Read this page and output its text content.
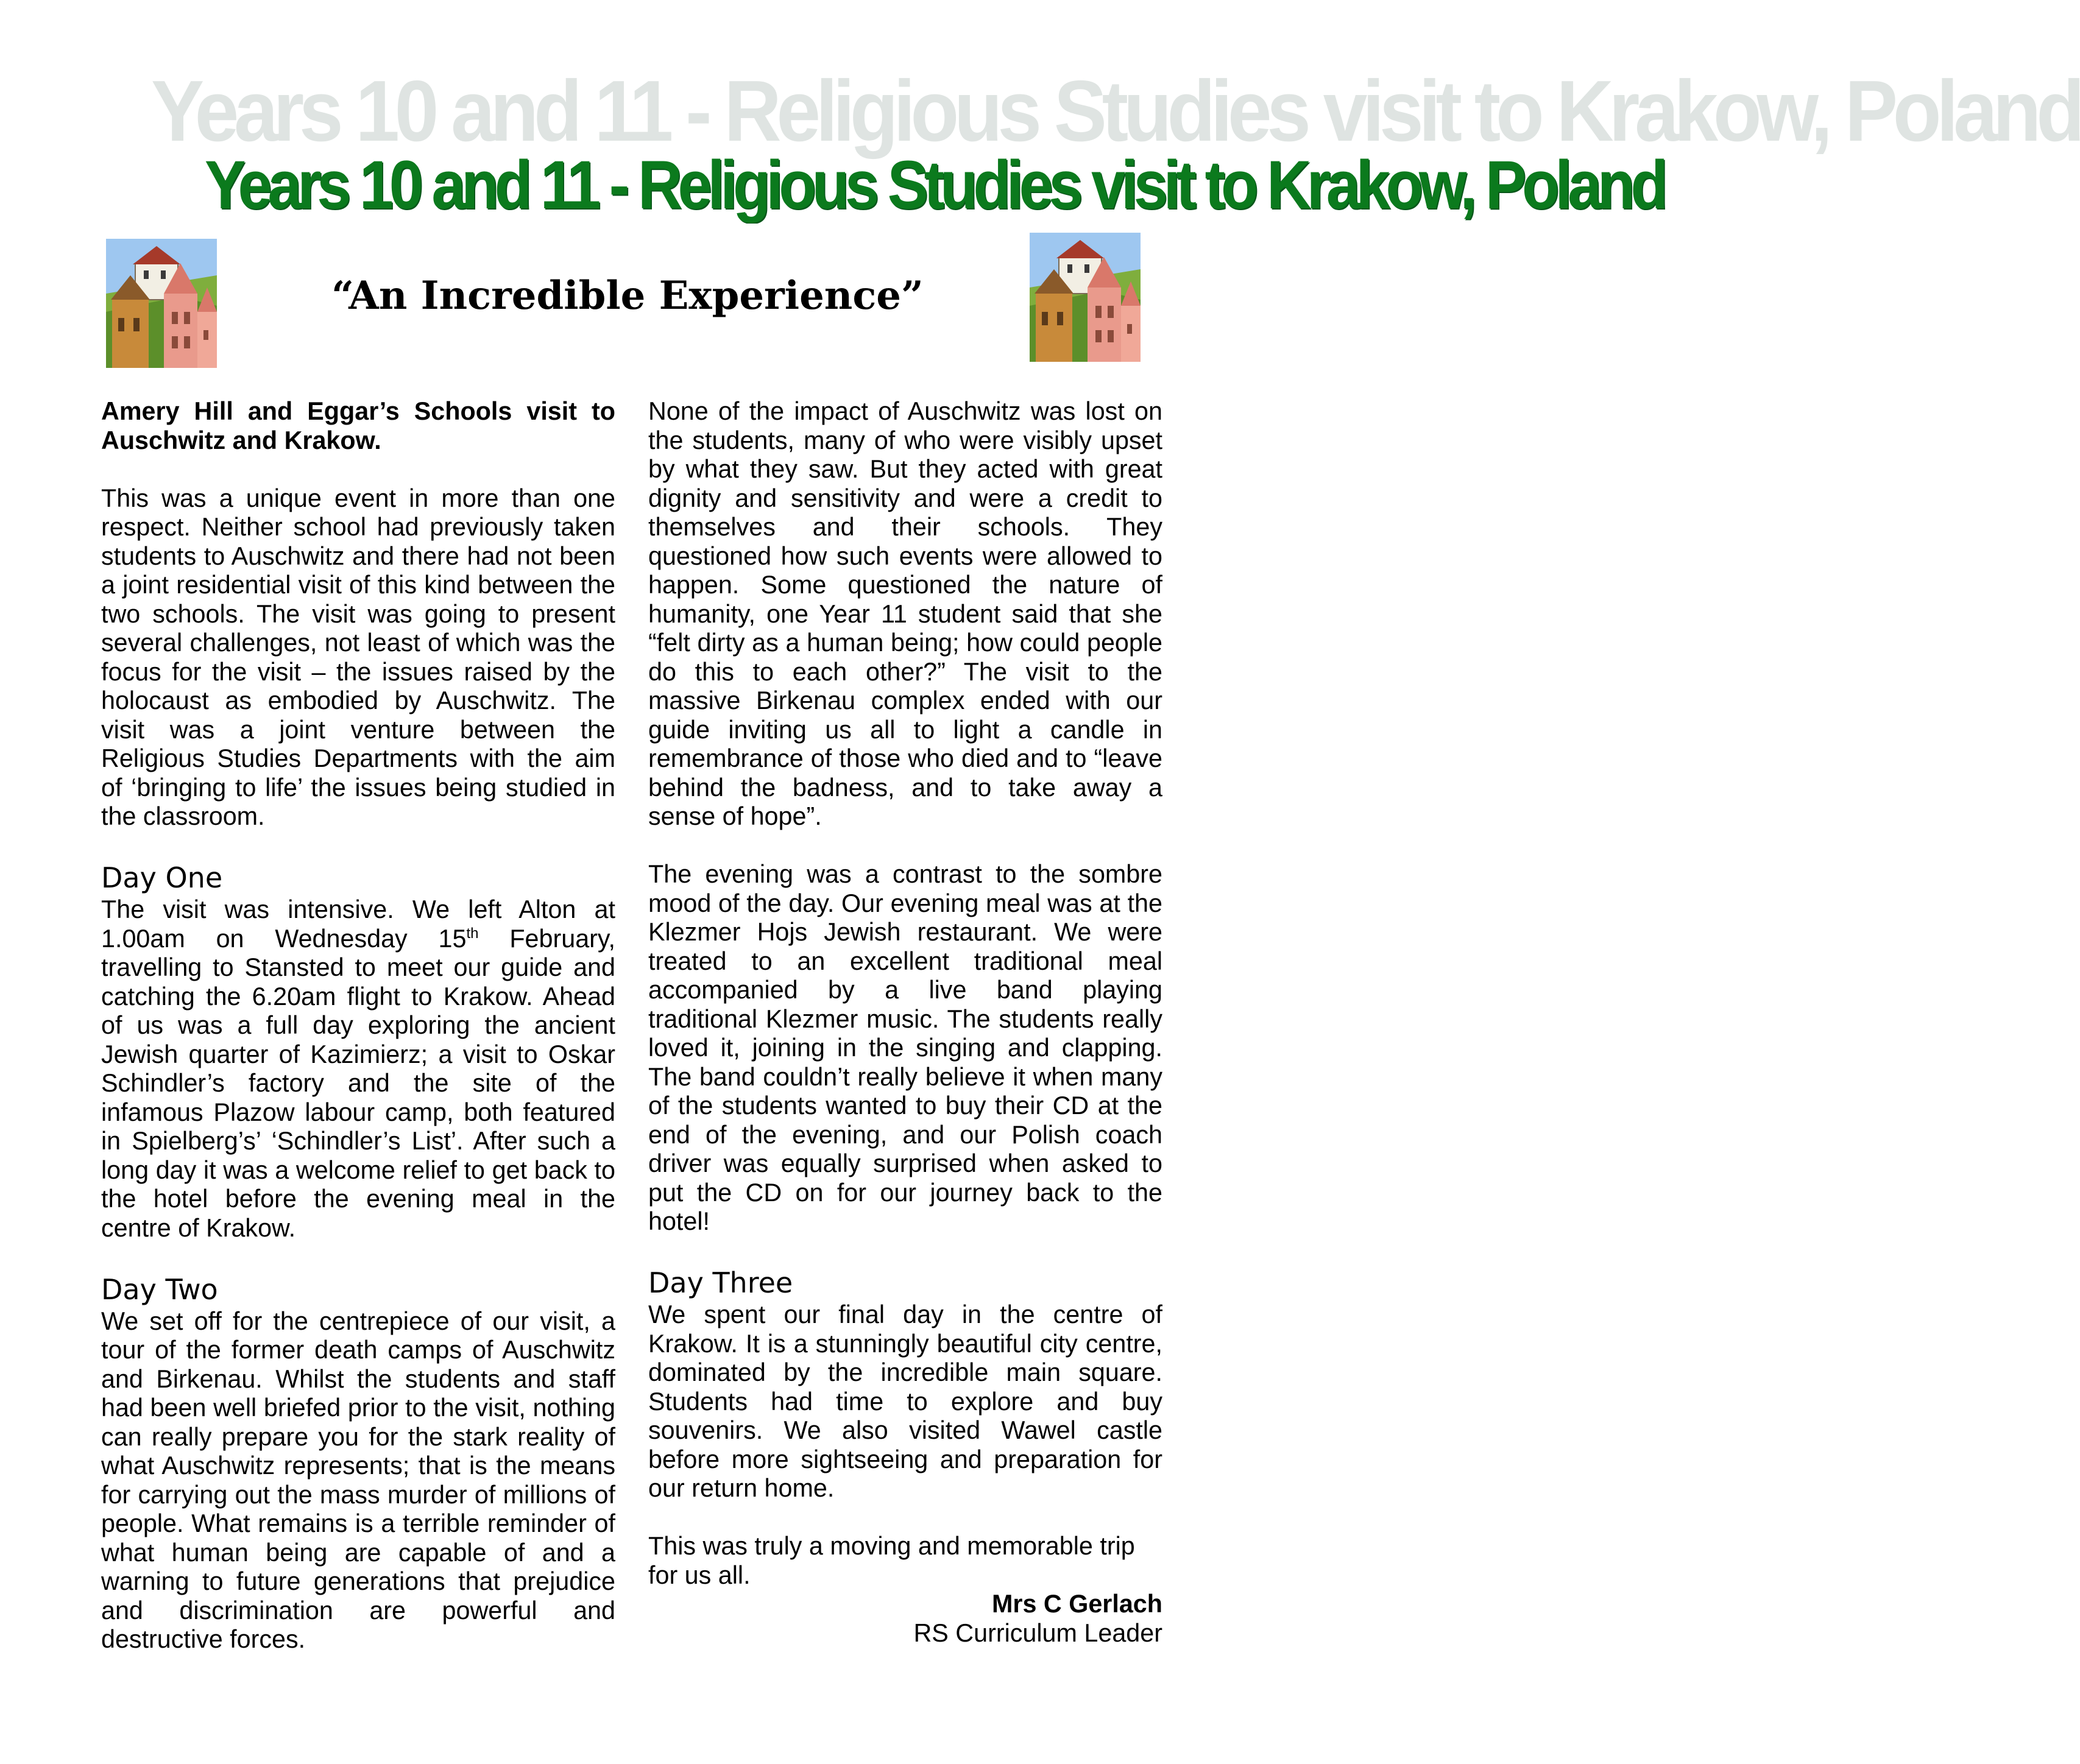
Years 10 and 11 - Religious Studies visit to Krakow, Poland
Years 10 and 11 - Religious Studies visit to Krakow, Poland
“An Incredible Experience”

Amery Hill and Eggar’s Schools visit to Auschwitz and Krakow.

This was a unique event in more than one respect. Neither school had previously taken students to Auschwitz and there had not been a joint residential visit of this kind between the two schools. The visit was going to present several challenges, not least of which was the focus for the visit – the issues raised by the holocaust as embodied by Auschwitz. The visit was a joint venture between the Religious Studies Departments with the aim of ‘bringing to life’ the issues being studied in the classroom.

Day One

The visit was intensive. We left Alton at 1.00am on Wednesday 15th February, travelling to Stansted to meet our guide and catching the 6.20am flight to Krakow. Ahead of us was a full day exploring the ancient Jewish quarter of Kazimierz; a visit to Oskar Schindler’s factory and the site of the infamous Plazow labour camp, both featured in Spielberg’s’ ‘Schindler’s List’. After such a long day it was a welcome relief to get back to the hotel before the evening meal in the centre of Krakow.

Day Two

We set off for the centrepiece of our visit, a tour of the former death camps of Auschwitz and Birkenau. Whilst the students and staff had been well briefed prior to the visit, nothing can really prepare you for the stark reality of what Auschwitz represents; that is the means for carrying out the mass murder of millions of people. What remains is a terrible reminder of what human being are capable of and a warning to future generations that prejudice and discrimination are powerful and destructive forces.

None of the impact of Auschwitz was lost on the students, many of who were visibly upset by what they saw. But they acted with great dignity and sensitivity and were a credit to themselves and their schools. They questioned how such events were allowed to happen. Some questioned the nature of humanity, one Year 11 student said that she “felt dirty as a human being; how could people do this to each other?” The visit to the massive Birkenau complex ended with our guide inviting us all to light a candle in remembrance of those who died and to “leave behind the badness, and to take away a sense of hope”.

The evening was a contrast to the sombre mood of the day. Our evening meal was at the Klezmer Hojs Jewish restaurant. We were treated to an excellent traditional meal accompanied by a live band playing traditional Klezmer music. The students really loved it, joining in the singing and clapping. The band couldn’t really believe it when many of the students wanted to buy their CD at the end of the evening, and our Polish coach driver was equally surprised when asked to put the CD on for our journey back to the hotel!

Day Three

We spent our final day in the centre of Krakow. It is a stunningly beautiful city centre, dominated by the incredible main square. Students had time to explore and buy souvenirs. We also visited Wawel castle before more sightseeing and preparation for our return home.

This was truly a moving and memorable trip for us all.

Mrs C Gerlach

RS Curriculum Leader
